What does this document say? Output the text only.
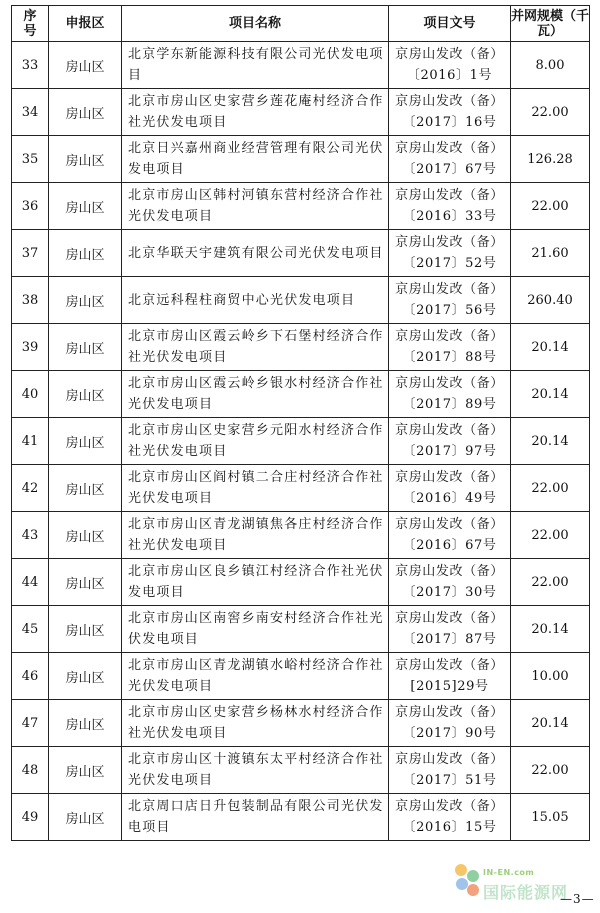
序号	申报区	项目名称	项目文号	并网规模（千瓦）
33	房山区	北京学东新能源科技有限公司光伏发电项目	京房山发改（备）〔2016〕1号	8.00
34	房山区	北京市房山区史家营乡莲花庵村经济合作社光伏发电项目	京房山发改（备）〔2017〕16号	22.00
35	房山区	北京日兴嘉州商业经营管理有限公司光伏发电项目	京房山发改（备）〔2017〕67号	126.28
36	房山区	北京市房山区韩村河镇东营村经济合作社光伏发电项目	京房山发改（备）〔2016〕33号	22.00
37	房山区	北京华联天宇建筑有限公司光伏发电项目	京房山发改（备）〔2017〕52号	21.60
38	房山区	北京远科程柱商贸中心光伏发电项目	京房山发改（备）〔2017〕56号	260.40
39	房山区	北京市房山区霞云岭乡下石堡村经济合作社光伏发电项目	京房山发改（备）〔2017〕88号	20.14
40	房山区	北京市房山区霞云岭乡银水村经济合作社光伏发电项目	京房山发改（备）〔2017〕89号	20.14
41	房山区	北京市房山区史家营乡元阳水村经济合作社光伏发电项目	京房山发改（备）〔2017〕97号	20.14
42	房山区	北京市房山区阎村镇二合庄村经济合作社光伏发电项目	京房山发改（备）〔2016〕49号	22.00
43	房山区	北京市房山区青龙湖镇焦各庄村经济合作社光伏发电项目	京房山发改（备）〔2016〕67号	22.00
44	房山区	北京市房山区良乡镇江村经济合作社光伏发电项目	京房山发改（备）〔2017〕30号	22.00
45	房山区	北京市房山区南窖乡南安村经济合作社光伏发电项目	京房山发改（备）〔2017〕87号	20.14
46	房山区	北京市房山区青龙湖镇水峪村经济合作社光伏发电项目	京房山发改（备）[2015]29号	10.00
47	房山区	北京市房山区史家营乡杨林水村经济合作社光伏发电项目	京房山发改（备）〔2017〕90号	20.14
48	房山区	北京市房山区十渡镇东太平村经济合作社光伏发电项目	京房山发改（备）〔2017〕51号	22.00
49	房山区	北京周口店日升包装制品有限公司光伏发电项目	京房山发改（备）〔2016〕15号	15.05
IN-EN.com
国际能源网
—3—
